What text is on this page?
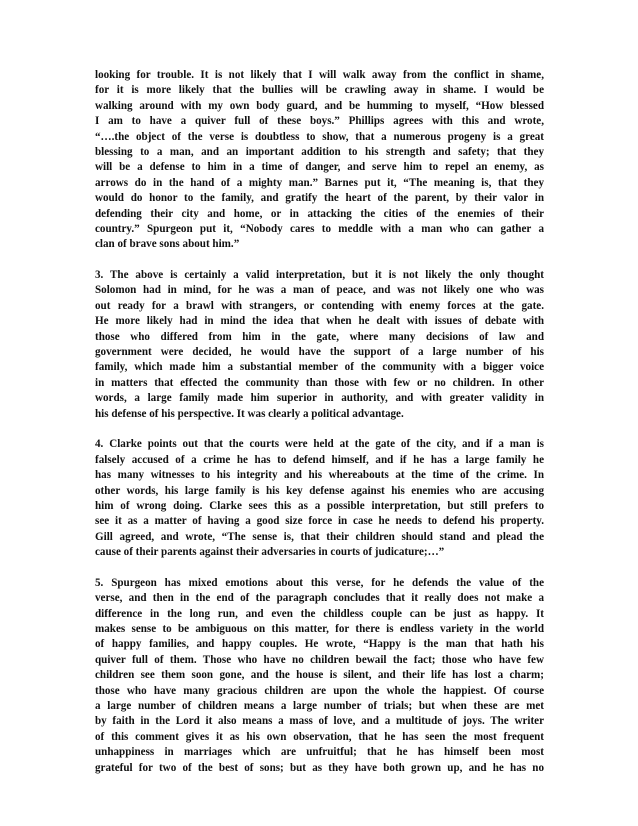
looking for trouble. It is not likely that I will walk away from the conflict in shame,
for it is more likely that the bullies will be crawling away in shame. I would be
walking around with my own body guard, and be humming to myself, “How blessed
I am to have a quiver full of these boys.” Phillips agrees with this and wrote,
“….the object of the verse is doubtless to show, that a numerous progeny is a great
blessing to a man, and an important addition to his strength and safety; that they
will be a defense to him in a time of danger, and serve him to repel an enemy, as
arrows do in the hand of a mighty man.” Barnes put it, “The meaning is, that they
would do honor to the family, and gratify the heart of the parent, by their valor in
defending their city and home, or in attacking the cities of the enemies of their
country.” Spurgeon put it, “Nobody cares to meddle with a man who can gather a
clan of brave sons about him.”
3. The above is certainly a valid interpretation, but it is not likely the only thought
Solomon had in mind, for he was a man of peace, and was not likely one who was
out ready for a brawl with strangers, or contending with enemy forces at the gate.
He more likely had in mind the idea that when he dealt with issues of debate with
those who differed from him in the gate, where many decisions of law and
government were decided, he would have the support of a large number of his
family, which made him a substantial member of the community with a bigger voice
in matters that effected the community than those with few or no children. In other
words, a large family made him superior in authority, and with greater validity in
his defense of his perspective. It was clearly a political advantage.
4. Clarke points out that the courts were held at the gate of the city, and if a man is
falsely accused of a crime he has to defend himself, and if he has a large family he
has many witnesses to his integrity and his whereabouts at the time of the crime. In
other words, his large family is his key defense against his enemies who are accusing
him of wrong doing. Clarke sees this as a possible interpretation, but still prefers to
see it as a matter of having a good size force in case he needs to defend his property.
Gill agreed, and wrote, “The sense is, that their children should stand and plead the
cause of their parents against their adversaries in courts of judicature;…”
5. Spurgeon has mixed emotions about this verse, for he defends the value of the
verse, and then in the end of the paragraph concludes that it really does not make a
difference in the long run, and even the childless couple can be just as happy. It
makes sense to be ambiguous on this matter, for there is endless variety in the world
of happy families, and happy couples. He wrote, “Happy is the man that hath his
quiver full of them. Those who have no children bewail the fact; those who have few
children see them soon gone, and the house is silent, and their life has lost a charm;
those who have many gracious children are upon the whole the happiest. Of course
a large number of children means a large number of trials; but when these are met
by faith in the Lord it also means a mass of love, and a multitude of joys. The writer
of this comment gives it as his own observation, that he has seen the most frequent
unhappiness in marriages which are unfruitful; that he has himself been most
grateful for two of the best of sons; but as they have both grown up, and he has no
